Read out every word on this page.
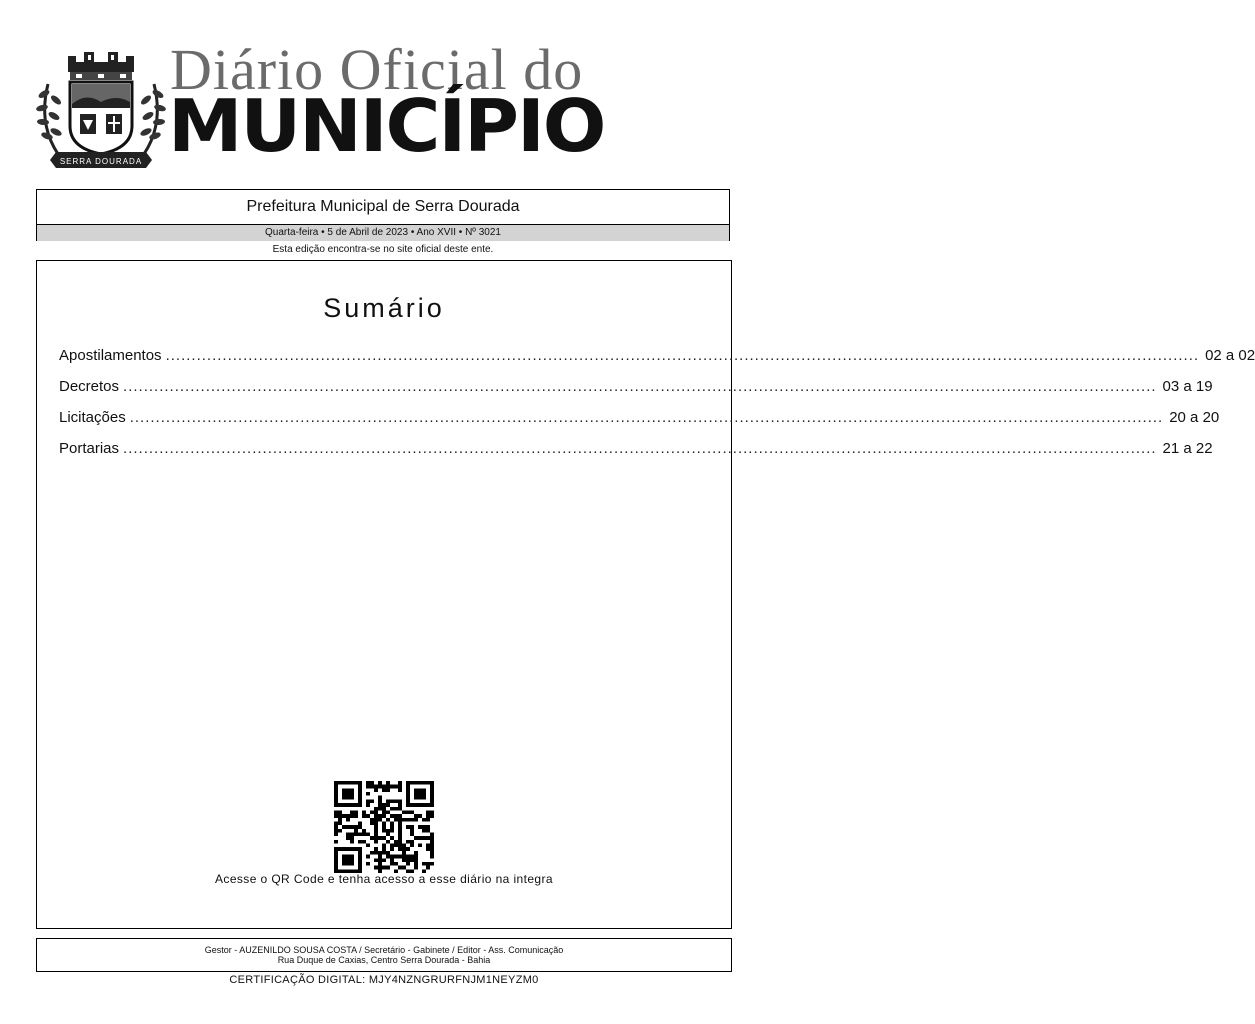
SERRA DOURADA
Diário Oficial do
MUNICÍPIO
Prefeitura Municipal de Serra Dourada
Quarta-feira • 5 de Abril de 2023 • Ano XVII • Nº 3021
Esta edição encontra-se no site oficial deste ente.
Sumário
Apostilamentos ........................................................................................................................................................................................................ 02 a 02
Decretos ........................................................................................................................................................................................................ 03 a 19
Licitações ........................................................................................................................................................................................................ 20 a 20
Portarias ........................................................................................................................................................................................................ 21 a 22
Acesse o QR Code e tenha acesso a esse diário na integra
Gestor - AUZENILDO SOUSA COSTA / Secretário - Gabinete / Editor - Ass. Comunicação
Rua Duque de Caxias, Centro Serra Dourada - Bahia
CERTIFICAÇÃO DIGITAL: MJY4NZNGRURFNJM1NEYZM0
